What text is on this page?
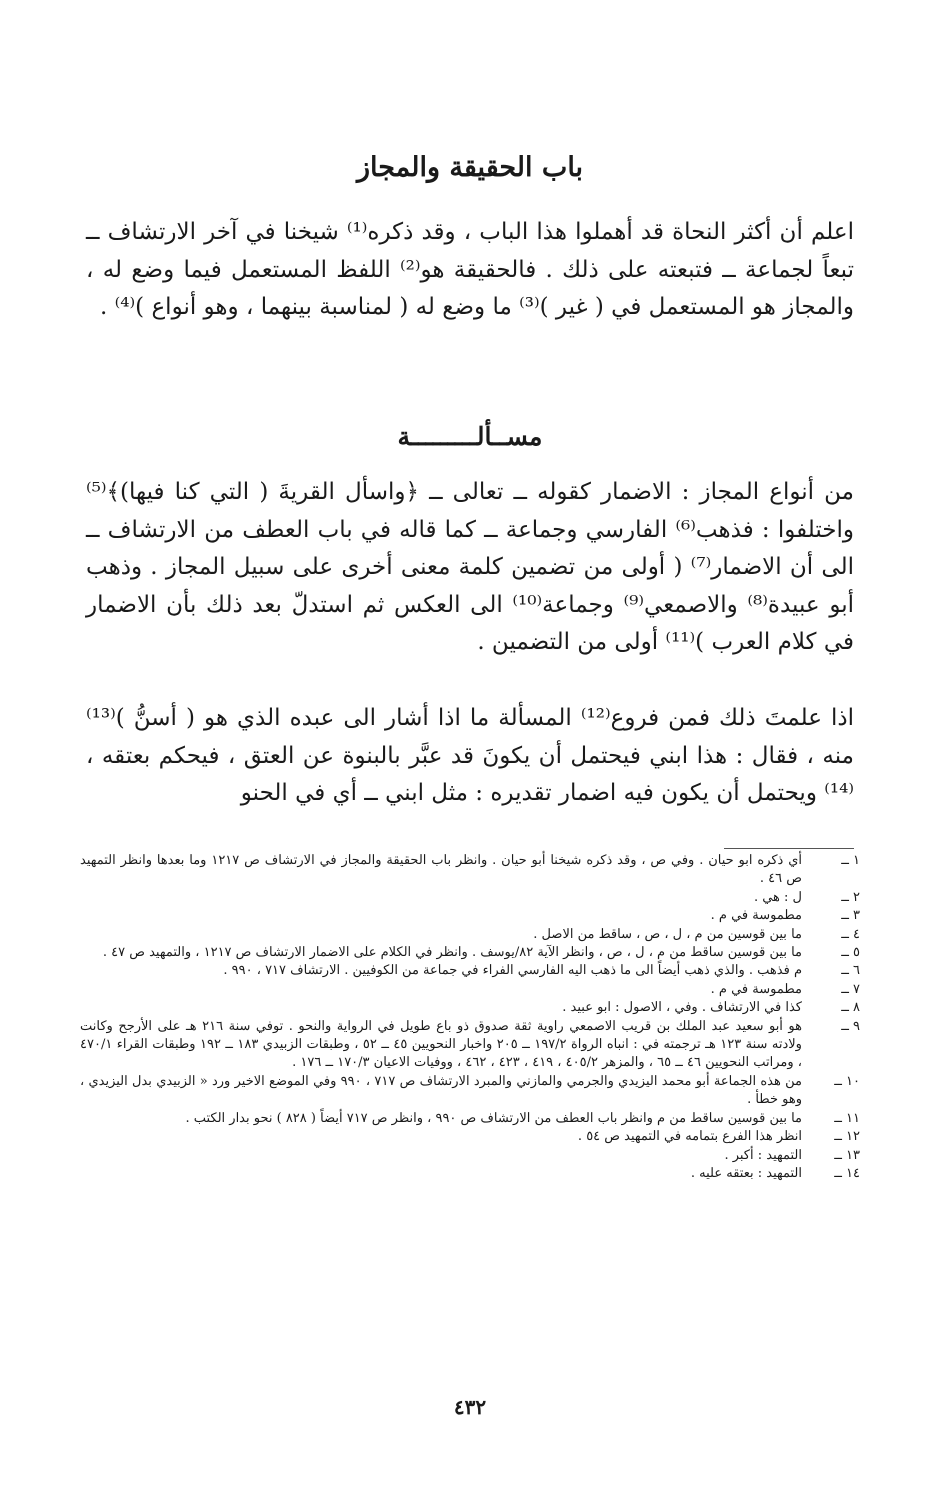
باب الحقيقة والمجاز

اعلم أن أكثر النحاة قد أهملوا هذا الباب ، وقد ذكره⁽¹⁾ شيخنا في آخر الارتشاف ــ تبعاً لجماعة ــ فتبعته على ذلك . فالحقيقة هو⁽²⁾ اللفظ المستعمل فيما وضع له ، والمجاز هو المستعمل في ( غير )⁽³⁾ ما وضع له ( لمناسبة بينهما ، وهو أنواع )⁽⁴⁾ .

مســألـــــــــة

من أنواع المجاز : الاضمار كقوله ــ تعالى ــ ﴿واسأل القريةَ ( التي كنا فيها)﴾⁽⁵⁾واختلفوا : فذهب⁽⁶⁾ الفارسي وجماعة ــ كما قاله في باب العطف من الارتشاف ــ الى أن الاضمار⁽⁷⁾ ( أولى من تضمين كلمة معنى أخرى على سبيل المجاز . وذهب أبو عبيدة⁽⁸⁾ والاصمعي⁽⁹⁾ وجماعة⁽¹⁰⁾ الى العكس ثم استدلّ بعد ذلك بأن الاضمار في كلام العرب )⁽¹¹⁾ أولى من التضمين .

اذا علمتَ ذلك فمن فروع⁽¹²⁾ المسألة ما اذا أشار الى عبده الذي هو ( أسنُّ )⁽¹³⁾ منه ، فقال : هذا ابني فيحتمل أن يكونَ قد عبَّر بالبنوة عن العتق ، فيحكم بعتقه ،⁽¹⁴⁾ ويحتمل أن يكون فيه اضمار تقديره : مثل ابني ــ أي في الحنو

١ ــ
أي ذكره ابو حيان . وفي ص ، وقد ذكره شيخنا أبو حيان . وانظر باب الحقيقة والمجاز في الارتشاف ص ١٢١٧ وما بعدها وانظر التمهيد ص ٤٦ .
٢ ــ
ل : هي .
٣ ــ
مطموسة في م .
٤ ــ
ما بين قوسين من م ، ل ، ص ، ساقط من الاصل .
٥ ــ
ما بين قوسين ساقط من م ، ل ، ص ، وانظر الآية ٨٢/يوسف . وانظر في الكلام على الاضمار الارتشاف ص ١٢١٧ ، والتمهيد ص ٤٧ .
٦ ــ
م فذهب . والذي ذهب أيضاً الى ما ذهب اليه الفارسي الفراء في جماعة من الكوفيين . الارتشاف ٧١٧ ، ٩٩٠ .
٧ ــ
مطموسة في م .
٨ ــ
كذا في الارتشاف . وفي ، الاصول : ابو عبيد .
٩ ــ
هو أبو سعيد عبد الملك بن قريب الاصمعي راوية ثقة صدوق ذو باع طويل في الرواية والنحو . توفي سنة ٢١٦ هـ على الأرجح وكانت ولادته سنة ١٢٣ هـ ترجمته في : انباه الرواة ١٩٧/٢ ــ ٢٠٥ واخبار النحويين ٤٥ ــ ٥٢ ، وطبقات الزبيدي ١٨٣ ــ ١٩٢ وطبقات القراء ٤٧٠/١ ، ومراتب النحويين ٤٦ ــ ٦٥ ، والمزهر ٤٠٥/٢ ، ٤١٩ ، ٤٢٣ ، ٤٦٢ ، ووفيات الاعيان ١٧٠/٣ ــ ١٧٦ .
١٠ ــ
من هذه الجماعة أبو محمد اليزيدي والجرمي والمازني والمبرد الارتشاف ص ٧١٧ ، ٩٩٠ وفي الموضع الاخير ورد « الزبيدي بدل اليزيدي ، وهو خطأ .
١١ ــ
ما بين قوسين ساقط من م وانظر باب العطف من الارتشاف ص ٩٩٠ ، وانظر ص ٧١٧ أيضاً ( ٨٢٨ ) نحو بدار الكتب .
١٢ ــ
انظر هذا الفرع بتمامه في التمهيد ص ٥٤ .
١٣ ــ
التمهيد : أكبر .
١٤ ــ
التمهيد : بعتقه عليه .
٤٣٢
